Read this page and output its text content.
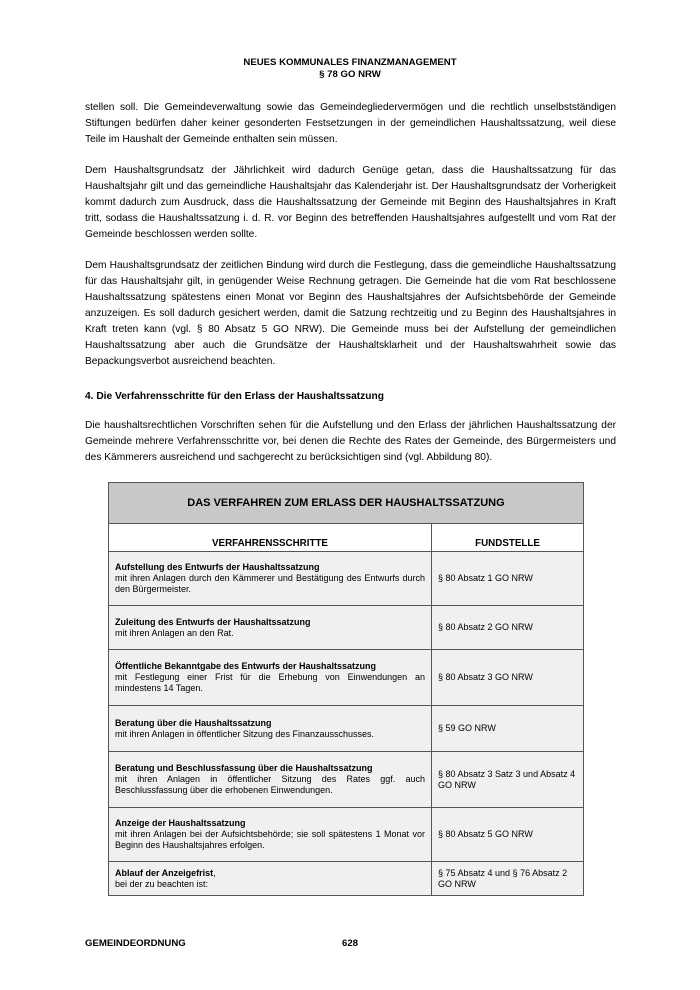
NEUES KOMMUNALES FINANZMANAGEMENT
§ 78 GO NRW

stellen soll. Die Gemeindeverwaltung sowie das Gemeindegliedervermögen und die rechtlich unselbstständigen Stiftungen bedürfen daher keiner gesonderten Festsetzungen in der gemeindlichen Haushaltssatzung, weil diese Teile im Haushalt der Gemeinde enthalten sein müssen.

Dem Haushaltsgrundsatz der Jährlichkeit wird dadurch Genüge getan, dass die Haushaltssatzung für das Haushaltsjahr gilt und das gemeindliche Haushaltsjahr das Kalenderjahr ist. Der Haushaltsgrundsatz der Vorherigkeit kommt dadurch zum Ausdruck, dass die Haushaltssatzung der Gemeinde mit Beginn des Haushaltsjahres in Kraft tritt, sodass die Haushaltssatzung i. d. R. vor Beginn des betreffenden Haushaltsjahres aufgestellt und vom Rat der Gemeinde beschlossen werden sollte.

Dem Haushaltsgrundsatz der zeitlichen Bindung wird durch die Festlegung, dass die gemeindliche Haushaltssatzung für das Haushaltsjahr gilt, in genügender Weise Rechnung getragen. Die Gemeinde hat die vom Rat beschlossene Haushaltssatzung spätestens einen Monat vor Beginn des Haushaltsjahres der Aufsichtsbehörde der Gemeinde anzuzeigen. Es soll dadurch gesichert werden, damit die Satzung rechtzeitig und zu Beginn des Haushaltsjahres in Kraft treten kann (vgl. § 80 Absatz 5 GO NRW). Die Gemeinde muss bei der Aufstellung der gemeindlichen Haushaltssatzung aber auch die Grundsätze der Haushaltsklarheit und der Haushaltswahrheit sowie das Bepackungsverbot ausreichend beachten.

4. Die Verfahrensschritte für den Erlass der Haushaltssatzung

Die haushaltsrechtlichen Vorschriften sehen für die Aufstellung und den Erlass der jährlichen Haushaltssatzung der Gemeinde mehrere Verfahrensschritte vor, bei denen die Rechte des Rates der Gemeinde, des Bürgermeisters und des Kämmerers ausreichend und sachgerecht zu berücksichtigen sind (vgl. Abbildung 80).

DAS VERFAHREN ZUM ERLASS DER HAUSHALTSSATZUNG	
VERFAHRENSSCHRITTE	FUNDSTELLE

Aufstellung des Entwurfs der Haushaltssatzung
mit ihren Anlagen durch den Kämmerer und Bestätigung des Entwurfs durch den Bürgermeister.	§ 80 Absatz 1 GO NRW

Zuleitung des Entwurfs der Haushaltssatzung
mit ihren Anlagen an den Rat.	§ 80 Absatz 2 GO NRW

Öffentliche Bekanntgabe des Entwurfs der Haushaltssatzung
mit Festlegung einer Frist für die Erhebung von Einwendungen an mindestens 14 Tagen.	§ 80 Absatz 3 GO NRW

Beratung über die Haushaltssatzung
mit ihren Anlagen in öffentlicher Sitzung des Finanzausschusses.	§ 59 GO NRW

Beratung und Beschlussfassung über die Haushaltssatzung
mit ihren Anlagen in öffentlicher Sitzung des Rates ggf. auch Beschlussfassung über die erhobenen Einwendungen.	§ 80 Absatz 3 Satz 3 und Absatz 4 GO NRW

Anzeige der Haushaltssatzung
mit ihren Anlagen bei der Aufsichtsbehörde; sie soll spätestens 1 Monat vor Beginn des Haushaltsjahres erfolgen.	§ 80 Absatz 5 GO NRW

Ablauf der Anzeigefrist,
bei der zu beachten ist:	§ 75 Absatz 4 und § 76 Absatz 2 GO NRW
GEMEINDEORDNUNG	628
